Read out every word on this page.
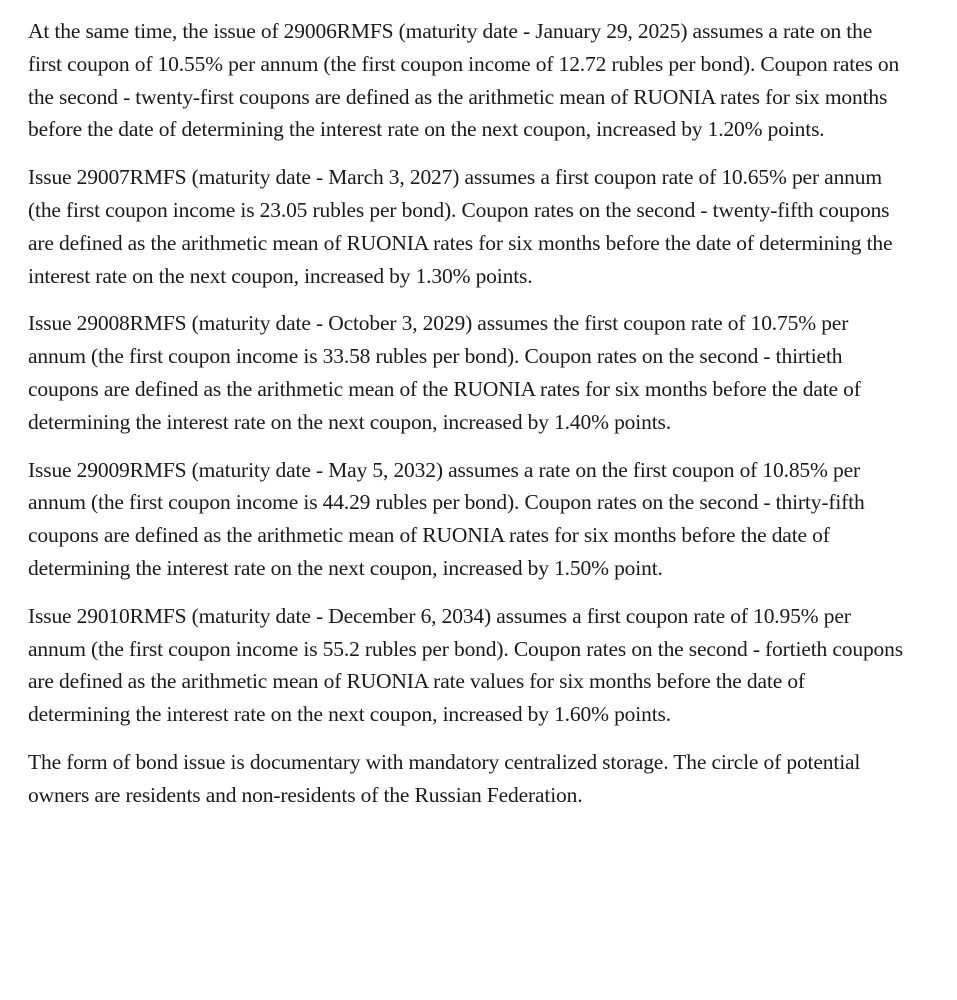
At the same time, the issue of 29006RMFS (maturity date - January 29, 2025) assumes a rate on the first coupon of 10.55% per annum (the first coupon income of 12.72 rubles per bond). Coupon rates on the second - twenty-first coupons are defined as the arithmetic mean of RUONIA rates for six months before the date of determining the interest rate on the next coupon, increased by 1.20% points.

Issue 29007RMFS (maturity date - March 3, 2027) assumes a first coupon rate of 10.65% per annum (the first coupon income is 23.05 rubles per bond). Coupon rates on the second - twenty-fifth coupons are defined as the arithmetic mean of RUONIA rates for six months before the date of determining the interest rate on the next coupon, increased by 1.30% points.

Issue 29008RMFS (maturity date - October 3, 2029) assumes the first coupon rate of 10.75% per annum (the first coupon income is 33.58 rubles per bond). Coupon rates on the second - thirtieth coupons are defined as the arithmetic mean of the RUONIA rates for six months before the date of determining the interest rate on the next coupon, increased by 1.40% points.

Issue 29009RMFS (maturity date - May 5, 2032) assumes a rate on the first coupon of 10.85% per annum (the first coupon income is 44.29 rubles per bond). Coupon rates on the second - thirty-fifth coupons are defined as the arithmetic mean of RUONIA rates for six months before the date of determining the interest rate on the next coupon, increased by 1.50% point.

Issue 29010RMFS (maturity date - December 6, 2034) assumes a first coupon rate of 10.95% per annum (the first coupon income is 55.2 rubles per bond). Coupon rates on the second - fortieth coupons are defined as the arithmetic mean of RUONIA rate values for six months before the date of determining the interest rate on the next coupon, increased by 1.60% points.

The form of bond issue is documentary with mandatory centralized storage. The circle of potential owners are residents and non-residents of the Russian Federation.
